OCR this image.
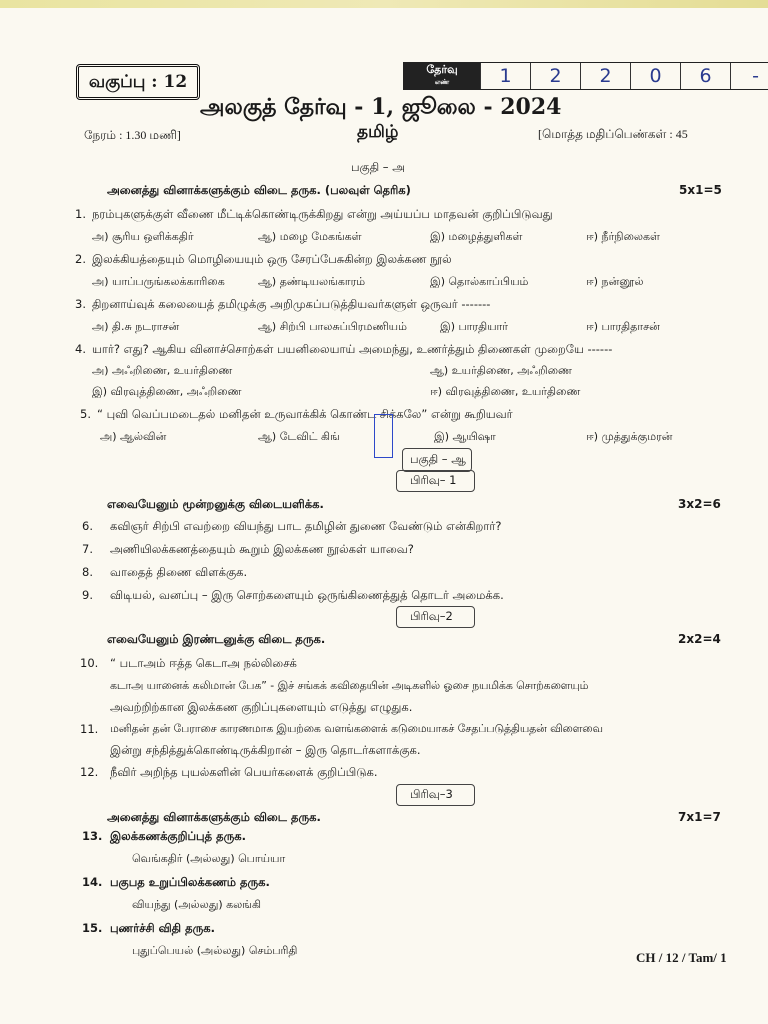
வகுப்பு : 12
தேர்வு
எண்	1	2	2	0	6	-
அலகுத் தேர்வு - 1, ஜூலை - 2024
தமிழ்
நேரம் : 1.30 மணி]	[மொத்த மதிப்பெண்கள் : 45
பகுதி – அ
அனைத்து வினாக்களுக்கும் விடை தருக. (பலவுள் தெரிக)	5x1=5
1. நரம்புகளுக்குள் வீணை மீட்டிக்கொண்டிருக்கிறது என்று அய்யப்ப மாதவன் குறிப்பிடுவது
அ) சூரிய ஒளிக்கதிர்	ஆ) மழை மேகங்கள்	இ) மழைத்துளிகள்	ஈ) நீர்நிலைகள்
2. இலக்கியத்தையும் மொழியையும் ஒரு சேரப்பேசுகின்ற இலக்கண நூல்
அ) யாப்பருங்கலக்காரிகை	ஆ) தண்டியலங்காரம்	இ) தொல்காப்பியம்	ஈ) நன்னூல்
3. திறனாய்வுக் கலையைத் தமிழுக்கு அறிமுகப்படுத்தியவர்களுள் ஒருவர் -------
அ) தி.சு நடராசன்	ஆ) சிற்பி பாலசுப்பிரமணியம்	இ) பாரதியார்	ஈ) பாரதிதாசன்
4. யார்? எது? ஆகிய வினாச்சொற்கள் பயனிலையாய் அமைந்து, உணர்த்தும் திணைகள் முறையே ------
அ) அஃறிணை, உயர்திணை	ஆ) உயர்திணை, அஃறிணை
இ) விரவுத்திணை, அஃறிணை	ஈ) விரவுத்திணை, உயர்திணை
5. “ புவி வெப்பமடைதல் மனிதன் உருவாக்கிக் கொண்ட சிக்கலே” என்று கூறியவர்
அ) ஆல்வின்	ஆ) டேவிட் கிங்	இ) ஆயிஷா	ஈ) முத்துக்குமரன்
பகுதி – ஆ
பிரிவு– 1
எவையேனும் மூன்றனுக்கு விடையளிக்க.	3x2=6
6. கவிஞர் சிற்பி எவற்றை வியந்து பாட தமிழின் துணை வேண்டும் என்கிறார்?
7. அணியிலக்கணத்தையும் கூறும் இலக்கண நூல்கள் யாவை?
8. வாதைத் திணை விளக்குக.
9. விடியல், வனப்பு – இரு சொற்களையும் ஒருங்கிணைத்துத் தொடர் அமைக்க.
பிரிவு–2
எவையேனும் இரண்டனுக்கு விடை தருக.	2x2=4
10. “ படாஅம் ஈத்த கெடாஅ நல்லிசைக்
கடாஅ யானைக் கலிமான் பேக” - இச் சங்கக் கவிதையின் அடிகளில் ஓசை நயமிக்க சொற்களையும்
அவற்றிற்கான இலக்கண குறிப்புகளையும் எடுத்து எழுதுக.
11. மனிதன் தன் பேராசை காரணமாக இயற்கை வளங்களைக் கடுமையாகச் சேதப்படுத்தியதன் விளைவை
இன்று சந்தித்துக்கொண்டிருக்கிறான் – இரு தொடர்களாக்குக.
12. நீவிர் அறிந்த புயல்களின் பெயர்களைக் குறிப்பிடுக.
பிரிவு–3
அனைத்து வினாக்களுக்கும் விடை தருக.	7x1=7
13. இலக்கணக்குறிப்புத் தருக.
வெங்கதிர் (அல்லது) பொய்யா
14. பகுபத உறுப்பிலக்கணம் தருக.
வியந்து (அல்லது) கலங்கி
15. புணர்ச்சி விதி தருக.
புதுப்பெயல் (அல்லது) செம்பரிதி	CH / 12 / Tam/ 1
